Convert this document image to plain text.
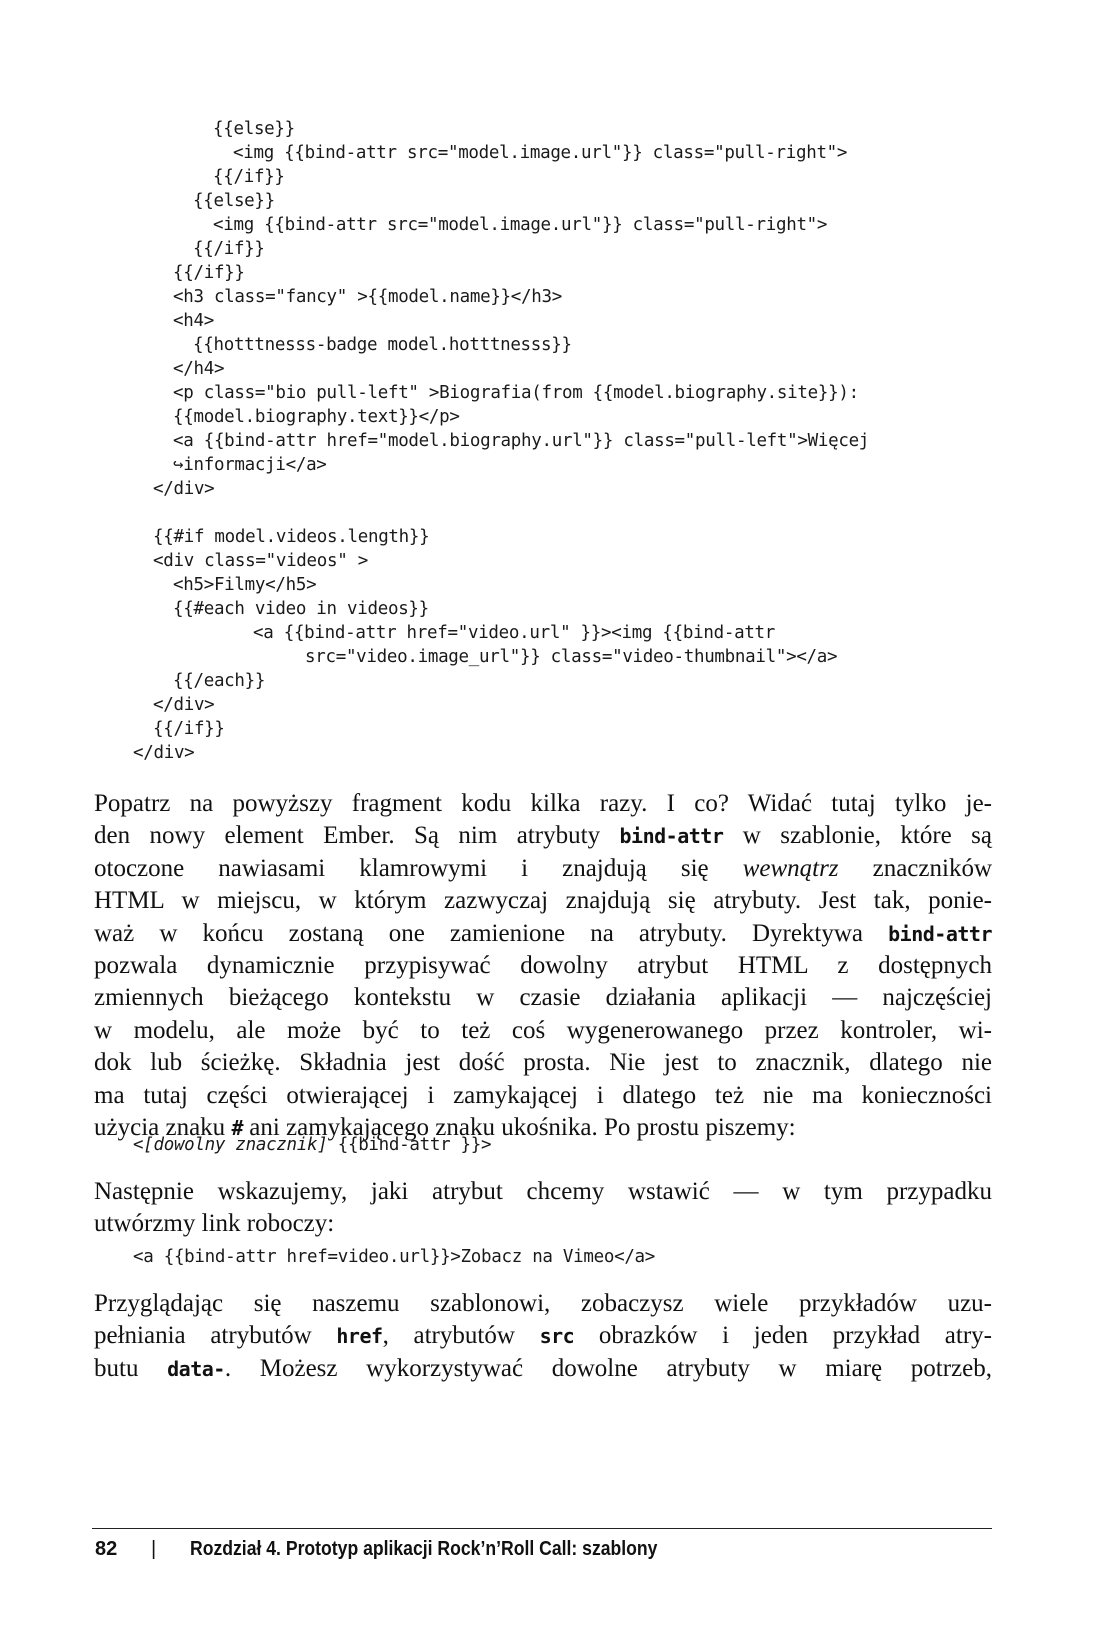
{{else}}
<img {{bind-attr src="model.image.url"}} class="pull-right">
{{/if}}
{{else}}
<img {{bind-attr src="model.image.url"}} class="pull-right">
{{/if}}
{{/if}}
<h3 class="fancy" >{{model.name}}</h3>
<h4>
{{hotttnesss-badge model.hotttnesss}}
</h4>
<p class="bio pull-left" >Biografia(from {{model.biography.site}}):
{{model.biography.text}}</p>
<a {{bind-attr href="model.biography.url"}} class="pull-left">Więcej
↪informacji</a>
</div>
{{#if model.videos.length}}
<div class="videos" >
<h5>Filmy</h5>
{{#each video in videos}}
<a {{bind-attr href="video.url" }}><img {{bind-attr
src="video.image_url"}} class="video-thumbnail"></a>
{{/each}}
</div>
{{/if}}
</div>
Popatrz na powyższy fragment kodu kilka razy. I co? Widać tutaj tylko je-
den nowy element Ember. Są nim atrybuty bind-attr w szablonie, które są
otoczone nawiasami klamrowymi i znajdują się wewnątrz znaczników
HTML w miejscu, w którym zazwyczaj znajdują się atrybuty. Jest tak, ponie-
waż w końcu zostaną one zamienione na atrybuty. Dyrektywa bind-attr
pozwala dynamicznie przypisywać dowolny atrybut HTML z dostępnych
zmiennych bieżącego kontekstu w czasie działania aplikacji — najczęściej
w modelu, ale może być to też coś wygenerowanego przez kontroler, wi-
dok lub ścieżkę. Składnia jest dość prosta. Nie jest to znacznik, dlatego nie
ma tutaj części otwierającej i zamykającej i dlatego też nie ma konieczności
użycia znaku # ani zamykającego znaku ukośnika. Po prostu piszemy:
<[dowolny znacznik] {{bind-attr }}>
Następnie wskazujemy, jaki atrybut chcemy wstawić — w tym przypadku
utwórzmy link roboczy:
<a {{bind-attr href=video.url}}>Zobacz na Vimeo</a>
Przyglądając się naszemu szablonowi, zobaczysz wiele przykładów uzu-
pełniania atrybutów href, atrybutów src obrazków i jeden przykład atry-
butu data-. Możesz wykorzystywać dowolne atrybuty w miarę potrzeb,
82 | Rozdział 4. Prototyp aplikacji Rock’n’Roll Call: szablony
